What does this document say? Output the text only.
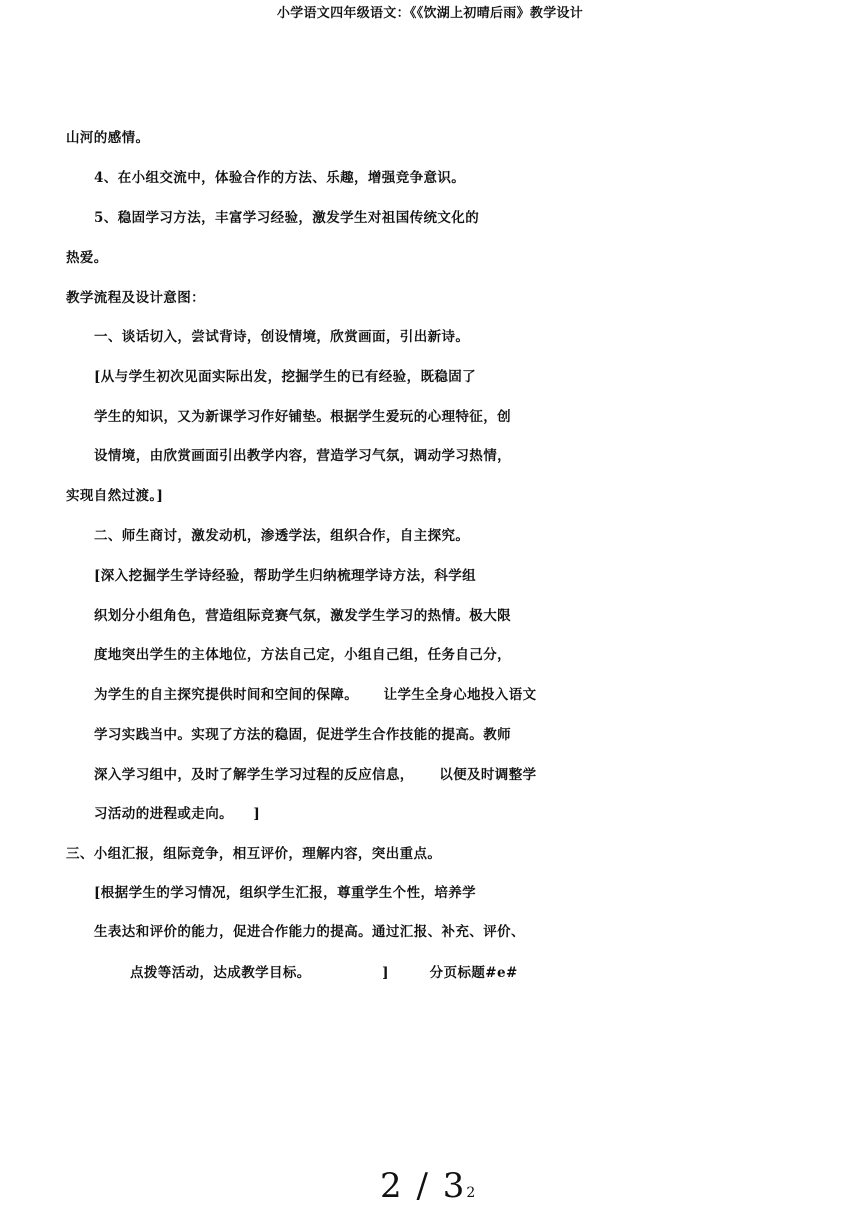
小学语文四年级语文：《《饮湖上初晴后雨》教学设计
山河的感情。
4、在小组交流中，体验合作的方法、乐趣，增强竞争意识。
5、稳固学习方法，丰富学习经验，激发学生对祖国传统文化的
热爱。
教学流程及设计意图：
一、谈话切入，尝试背诗，创设情境，欣赏画面，引出新诗。
[从与学生初次见面实际出发，挖掘学生的已有经验，既稳固了
学生的知识，又为新课学习作好铺垫。根据学生爱玩的心理特征，创
设情境，由欣赏画面引出教学内容，营造学习气氛，调动学习热情，
实现自然过渡。]
二、师生商讨，激发动机，渗透学法，组织合作，自主探究。
[深入挖掘学生学诗经验，帮助学生归纳梳理学诗方法，科学组
织划分小组角色，营造组际竞赛气氛，激发学生学习的热情。极大限
度地突出学生的主体地位，方法自己定，小组自己组，任务自己分，
为学生的自主探究提供时间和空间的保障。     让学生全身心地投入语文
学习实践当中。实现了方法的稳固，促进学生合作技能的提高。教师
深入学习组中，及时了解学生学习过程的反应信息，     以便及时调整学
习活动的进程或走向。    ]
三、小组汇报，组际竞争，相互评价，理解内容，突出重点。
[根据学生的学习情况，组织学生汇报，尊重学生个性，培养学
生表达和评价的能力，促进合作能力的提高。通过汇报、补充、评价、
点拨等活动，达成教学目标。              ]        分页标题#e#
2 / 32
